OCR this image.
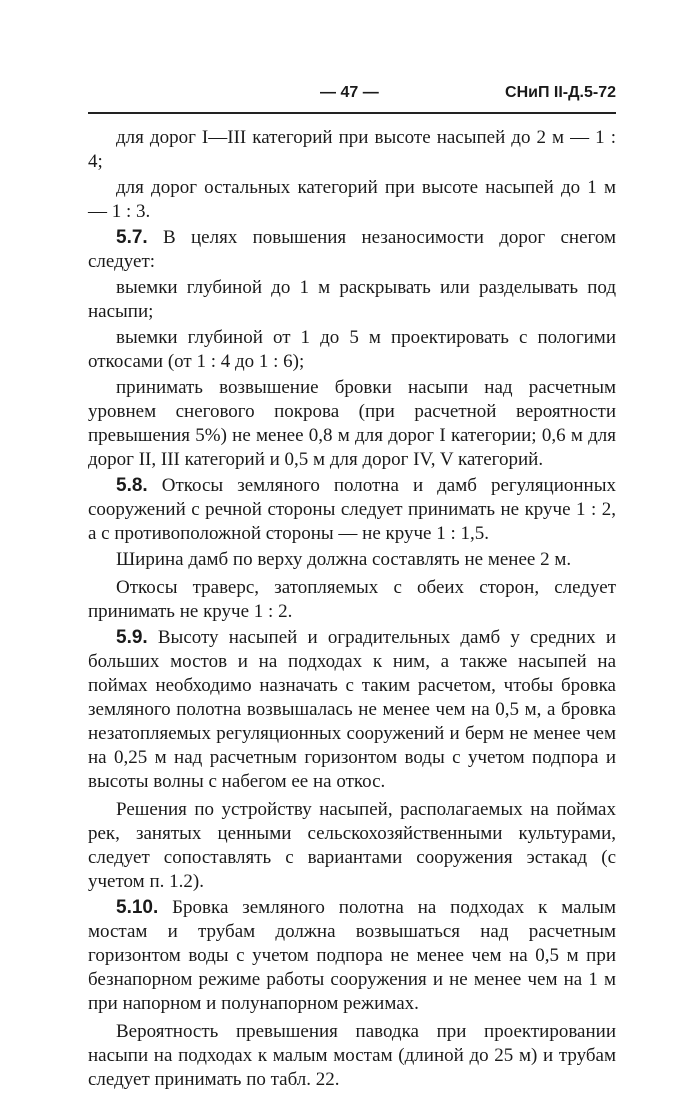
— 47 —	СНиП II-Д.5-72

для дорог I—III категорий при высоте насыпей до 2 м — 1 : 4;

для дорог остальных категорий при высоте насыпей до 1 м — 1 : 3.

5.7. В целях повышения незаносимости дорог снегом следует:

выемки глубиной до 1 м раскрывать или разделывать под насыпи;

выемки глубиной от 1 до 5 м проектировать с пологими откосами (от 1 : 4 до 1 : 6);

принимать возвышение бровки насыпи над расчетным уровнем снегового покрова (при расчетной вероятности превышения 5%) не менее 0,8 м для дорог I категории; 0,6 м для дорог II, III категорий и 0,5 м для дорог IV, V категорий.

5.8. Откосы земляного полотна и дамб регуляционных сооружений с речной стороны следует принимать не круче 1 : 2, а с противоположной стороны — не круче 1 : 1,5.

Ширина дамб по верху должна составлять не менее 2 м.

Откосы траверс, затопляемых с обеих сторон, следует принимать не круче 1 : 2.

5.9. Высоту насыпей и оградительных дамб у средних и больших мостов и на подходах к ним, а также насыпей на поймах необходимо назначать с таким расчетом, чтобы бровка земляного полотна возвышалась не менее чем на 0,5 м, а бровка незатопляемых регуляционных сооружений и берм не менее чем на 0,25 м над расчетным горизонтом воды с учетом подпора и высоты волны с набегом ее на откос.

Решения по устройству насыпей, располагаемых на поймах рек, занятых ценными сельскохозяйственными культурами, следует сопоставлять с вариантами сооружения эстакад (с учетом п. 1.2).

5.10. Бровка земляного полотна на подходах к малым мостам и трубам должна возвышаться над расчетным горизонтом воды с учетом подпора не менее чем на 0,5 м при безнапорном режиме работы сооружения и не менее чем на 1 м при напорном и полунапорном режимах.

Вероятность превышения паводка при проектировании насыпи на подходах к малым мостам (длиной до 25 м) и трубам следует принимать по табл. 22.
